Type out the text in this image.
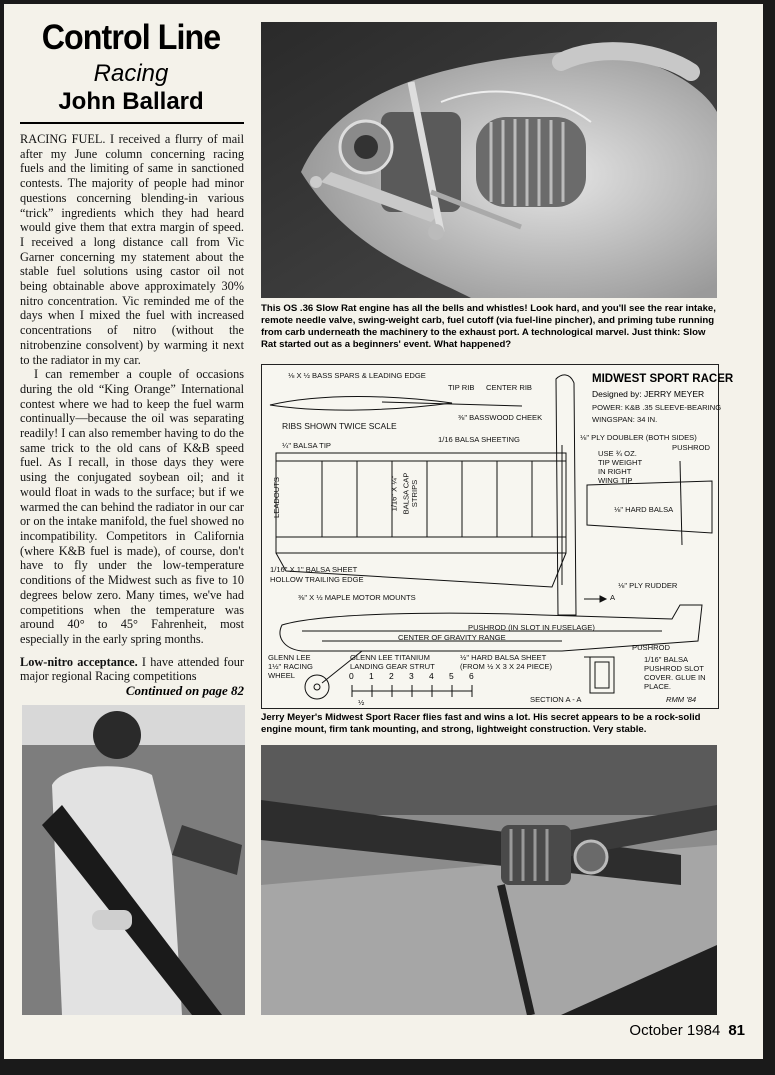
Control Line
Racing
John Ballard

RACING FUEL. I received a flurry of mail after my June column concerning racing fuels and the limiting of same in sanctioned contests. The majority of people had minor questions concerning blending-in various “trick” ingredients which they had heard would give them that extra margin of speed. I received a long distance call from Vic Garner concerning my statement about the stable fuel solutions using castor oil not being obtainable above approximately 30% nitro concentration. Vic reminded me of the days when I mixed the fuel with increased concentrations of nitro (without the nitrobenzine consolvent) by warming it next to the radiator in my car.

I can remember a couple of occasions during the old “King Orange” International contest where we had to keep the fuel warm continually—because the oil was separating readily! I can also remember having to do the same trick to the old cans of K&B speed fuel. As I recall, in those days they were using the conjugated soybean oil; and it would float in wads to the surface; but if we warmed the can behind the radiator in our car or on the intake manifold, the fuel showed no incompatibility. Competitors in California (where K&B fuel is made), of course, don't have to fly under the low-temperature conditions of the Midwest such as five to 10 degrees below zero. Many times, we've had competitions when the temperature was around 40° to 45° Fahrenheit, most especially in the early spring months.

Low-nitro acceptance. I have attended four major regional Racing competitions

Continued on page 82
This OS .36 Slow Rat engine has all the bells and whistles! Look hard, and you'll see the rear intake, remote needle valve, swing-weight carb, fuel cutoff (via fuel-line pincher), and priming tube running from carb underneath the machinery to the exhaust port. A technological marvel. Just think: Slow Rat started out as a beginners' event. What happened?
MIDWEST SPORT RACER
Designed by: JERRY MEYER
POWER: K&B .35 SLEEVE-BEARING
WINGSPAN: 34 IN.
⅛ X ½ BASS SPARS & LEADING EDGE
TIP RIB CENTER RIB
⅜" BASSWOOD CHEEK
RIBS SHOWN TWICE SCALE
1/16 BALSA SHEETING
¼" BALSA TIP
⅛" PLY DOUBLER (BOTH SIDES)
PUSHROD
USE ¾ OZ.
TIP WEIGHT
IN RIGHT
WING TIP
LEADOUTS	1/16" X ¼" BALSA CAP STRIPS
⅛" HARD BALSA
1/16" X 1" BALSA SHEET
HOLLOW TRAILING EDGE
⅛" PLY RUDDER
⅜" X ½ MAPLE MOTOR MOUNTS	A
PUSHROD (IN SLOT IN FUSELAGE)
CENTER OF GRAVITY RANGE
GLENN LEE
1½" RACING
WHEEL
GLENN LEE TITANIUM
LANDING GEAR STRUT
½" HARD BALSA SHEET
(FROM ½ X 3 X 24 PIECE)
PUSHROD
1/16" BALSA
PUSHROD SLOT
COVER. GLUE IN
PLACE.
SECTION A - A	RMM '84
0 1 2 3 4 5 6
½
Jerry Meyer's Midwest Sport Racer flies fast and wins a lot. His secret appears to be a rock-solid engine mount, firm tank mounting, and strong, lightweight construction. Very stable.
October 1984 81
